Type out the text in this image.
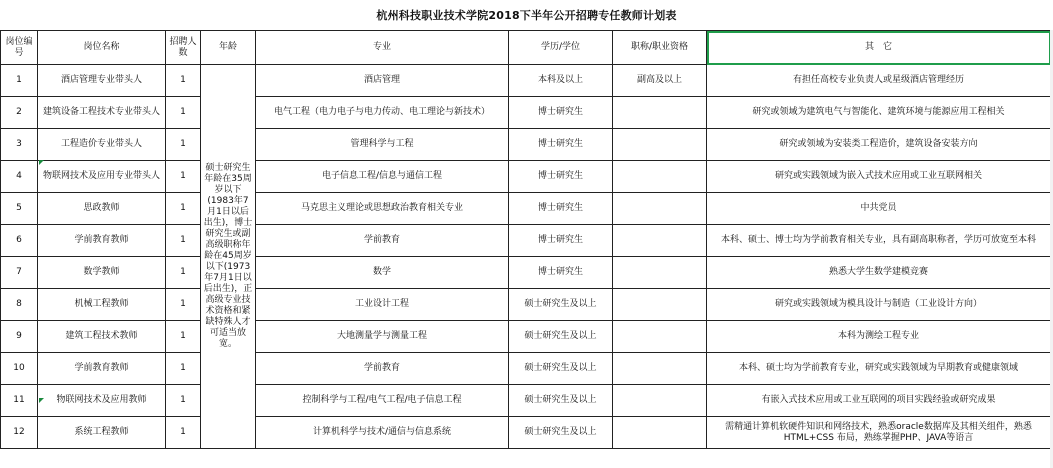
杭州科技职业技术学院2018下半年公开招聘专任教师计划表
岗位编号	岗位名称	招聘人数	年龄	专业	学历/学位	职称/职业资格	其　它
1	酒店管理专业带头人	1	硕士研究生年龄在35周岁以下(1983年7月1日以后出生)，博士研究生或副高级职称年龄在45周岁以下(1973年7月1日以后出生)，正高级专业技术资格和紧缺特殊人才可适当放宽。	酒店管理	本科及以上	副高及以上	有担任高校专业负责人或星级酒店管理经历
2	建筑设备工程技术专业带头人	1		电气工程（电力电子与电力传动、电工理论与新技术）	博士研究生		研究或领域为建筑电气与智能化、建筑环境与能源应用工程相关
3	工程造价专业带头人	1		管理科学与工程	博士研究生		研究或领域为安装类工程造价，建筑设备安装方向
4	物联网技术及应用专业带头人	1		电子信息工程/信息与通信工程	博士研究生		研究或实践领域为嵌入式技术应用或工业互联网相关
5	思政教师	1		马克思主义理论或思想政治教育相关专业	博士研究生		中共党员
6	学前教育教师	1		学前教育	博士研究生		本科、硕士、博士均为学前教育相关专业，具有副高职称者，学历可放宽至本科
7	数学教师	1		数学	博士研究生		熟悉大学生数学建模竞赛
8	机械工程教师	1		工业设计工程	硕士研究生及以上		研究或实践领域为模具设计与制造（工业设计方向）
9	建筑工程技术教师	1		大地测量学与测量工程	硕士研究生及以上		本科为测绘工程专业
10	学前教育教师	1		学前教育	硕士研究生及以上		本科、硕士均为学前教育专业，研究或实践领域为早期教育或健康领域
11	物联网技术及应用教师	1		控制科学与工程/电气工程/电子信息工程	硕士研究生及以上		有嵌入式技术应用或工业互联网的项目实践经验或研究成果
12	系统工程教师	1		计算机科学与技术/通信与信息系统	硕士研究生及以上		需精通计算机软硬件知识和网络技术，熟悉oracle数据库及其相关组件，熟悉HTML+CSS 布局，熟练掌握PHP、JAVA等语言
